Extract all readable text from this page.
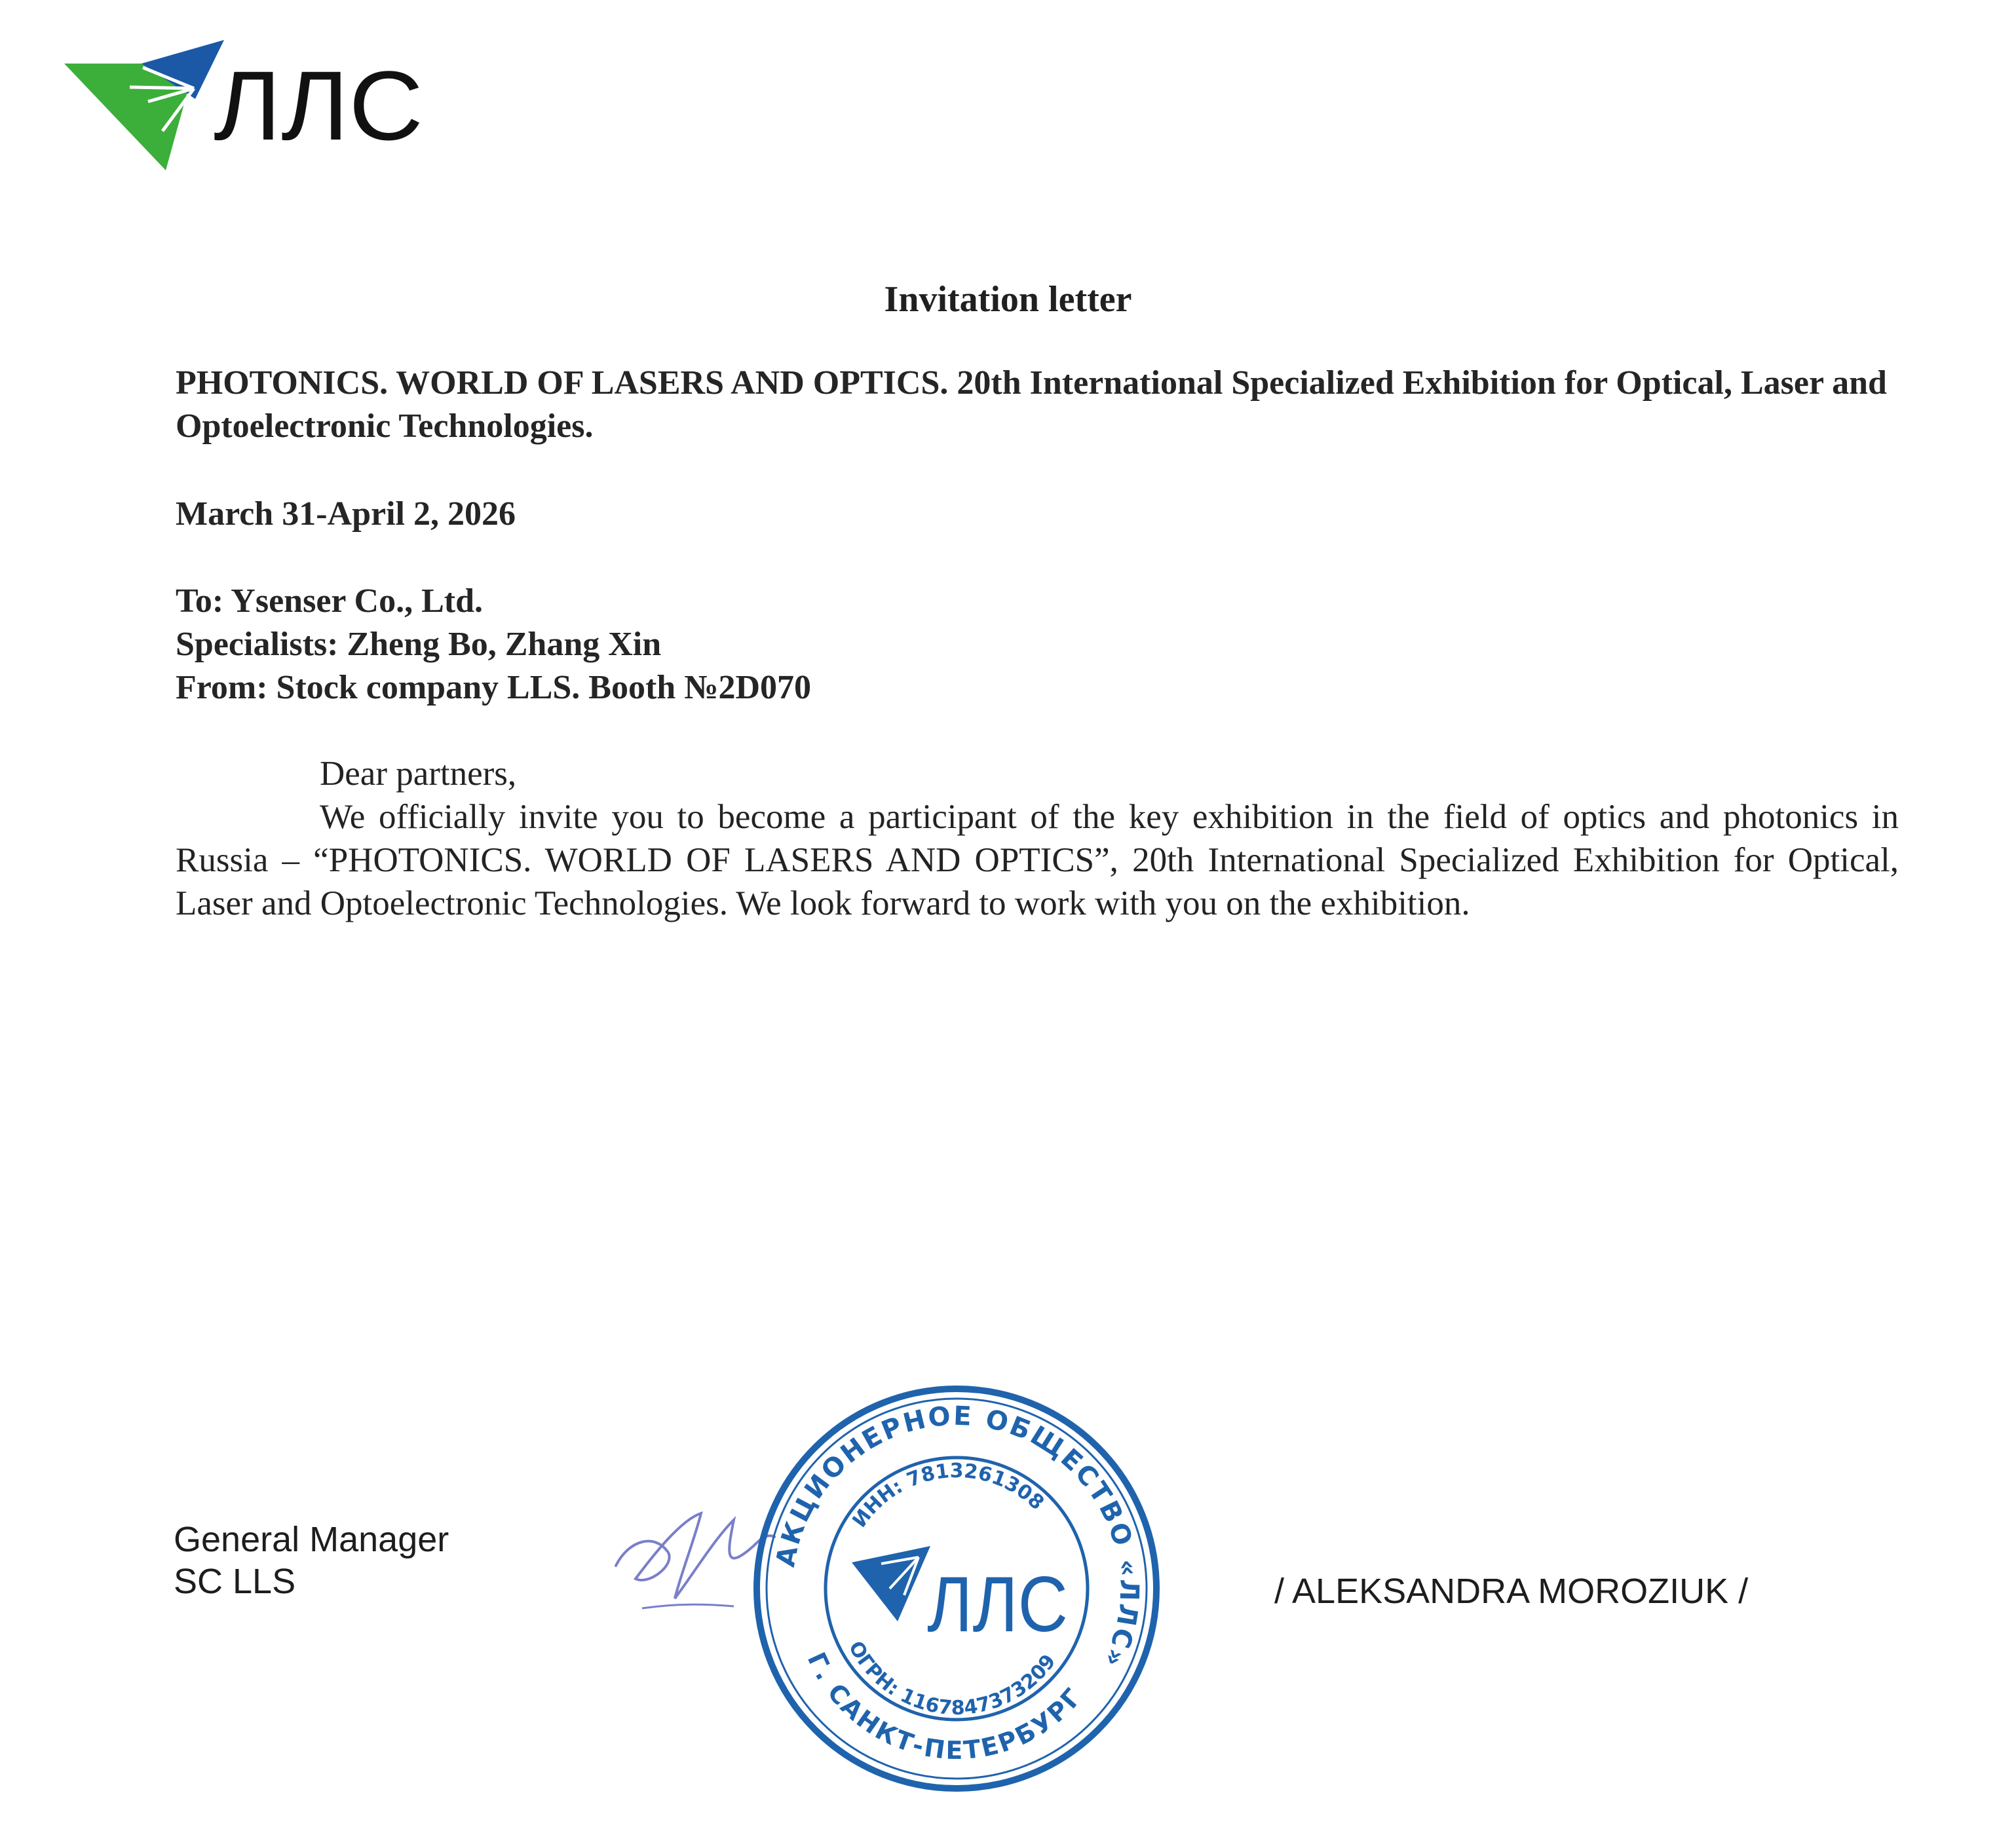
ЛЛС
Invitation letter
PHOTONICS. WORLD OF LASERS AND OPTICS. 20th International Specialized Exhibition for Optical, Laser and Optoelectronic Technologies.
March 31-April 2, 2026
To: Ysenser Co., Ltd.
Specialists: Zheng Bo, Zhang Xin
From: Stock company LLS. Booth №2D070
Dear partners,
We officially invite you to become a participant of the key exhibition in the field of optics and photonics in Russia – “PHOTONICS. WORLD OF LASERS AND OPTICS”, 20th International Specialized Exhibition for Optical, Laser and Optoelectronic Technologies. We look forward to work with you on the exhibition.
General Manager
SC LLS
АКЦИОНЕРНОЕ ОБЩЕСТВО «ЛЛС»
ИНН: 7813261308
ОГРН: 1167847373209
Г. САНКТ-ПЕТЕРБУРГ
ЛЛС	/ ALEKSANDRA MOROZIUK /
